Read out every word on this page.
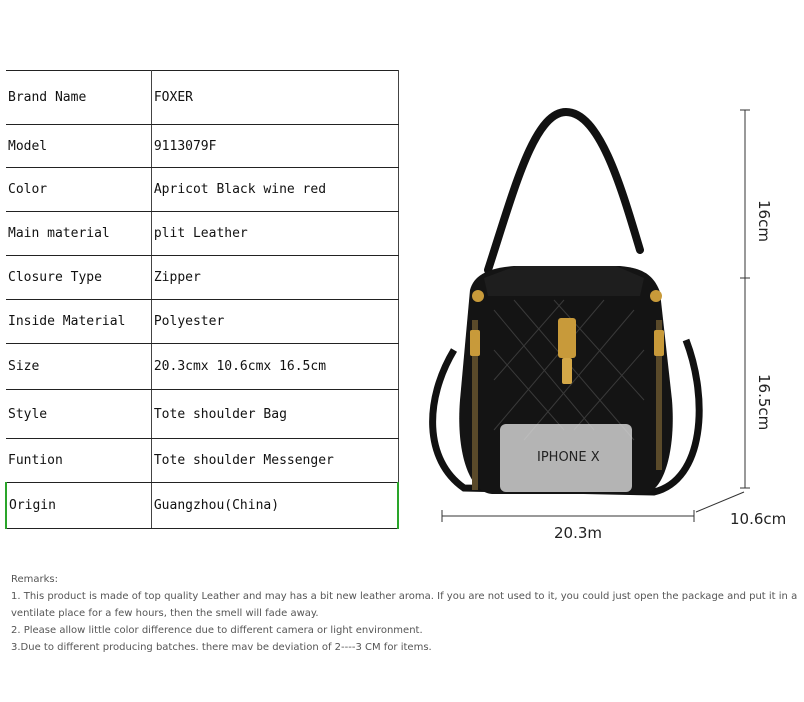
Brand Name	FOXER
Model	9113079F
Color	Apricot Black wine red
Main material	plit Leather
Closure Type	Zipper
Inside Material	Polyester
Size	20.3cmx 10.6cmx 16.5cm
Style	Tote shoulder Bag
Funtion	Tote shoulder Messenger
Origin	Guangzhou(China)
IPHONE X
16cm
16.5cm
20.3m
10.6cm
Remarks:
1. This product is made of top quality Leather and may has a bit new leather aroma. If you are not used to it, you could just open the package and put it in a
ventilate place for a few hours, then the smell will fade away.
2. Please allow little color difference due to different camera or light environment.
3.Due to different producing batches. there mav be deviation of 2----3 CM for items.
